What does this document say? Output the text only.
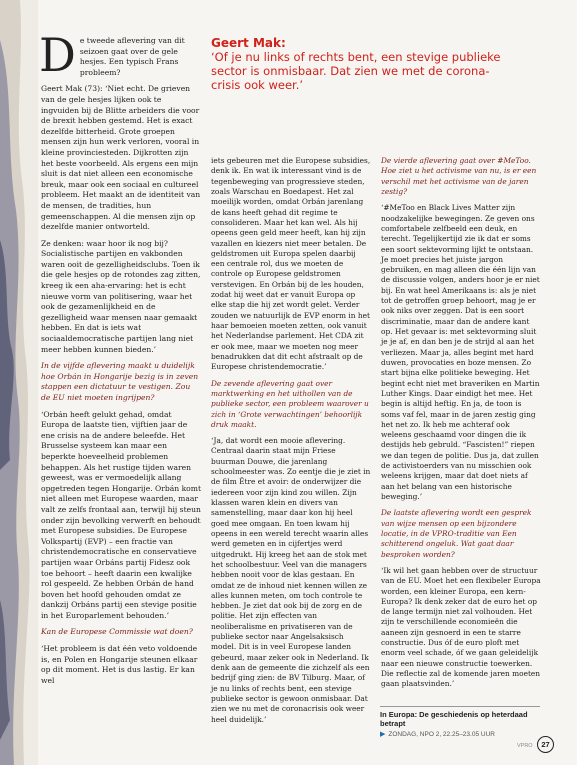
Geert Mak:
‘Of je nu links of rechts bent, een stevige publieke sector is onmisbaar. Dat zien we met de corona-crisis ook weer.’
D e tweede aflevering van dit seizoen gaat over de gele hesjes. Een typisch Frans probleem?

Geert Mak (73): ‘Niet echt. De grieven van de gele hesjes lijken ook te ingvuiden bij de Blitte arbeiders die voor de brexit hebben gestemd. Het is exact dezelfde bitterheid. Grote groepen mensen zijn hun werk verloren, vooral in kleine provinciesteden. Dijkrotten zijn het beste voorbeeld. Als ergens een mijn sluit is dat niet alleen een economische breuk, maar ook een sociaal en cultureel probleem. Het maakt an de identiteit van de mensen, de tradities, hun gemeenschappen. Al die mensen zijn op dezelfde manier ontworteld.

Ze denken: waar hoor ik nog bij? Socialistische partijen en vakbonden waren ooit de gezelligheidsclubs. Toen ik die gele hesjes op de rotondes zag zitten, kreeg ik een aha-ervaring: het is echt nieuwe vorm van politisering, waar het ook de gezamenlijkheid en de gezelligheid waar mensen naar gemaakt hebben. En dat is iets wat sociaaldemocratische partijen lang niet meer hebben kunnen bieden.’

In de vijfde aflevering maakt u duidelijk hoe Orbán in Hongarije bezig is in zeven stappen een dictatuur te vestigen. Zou de EU niet moeten ingrijpen?

‘Orbán heeft gelukt gehad, omdat Europa de laatste tien, vijftien jaar de ene crisis na de andere beleefde. Het Brusselse systeem kan maar een beperkte hoeveelheid problemen behappen. Als het rustige tijden waren geweest, was er vermoedelijk allang opgetreden tegen Hongarije. Orbán komt niet alleen met Europese waarden, maar valt ze zelfs frontaal aan, terwijl hij steun onder zijn bevolking verwerft en behoudt met Europese subsidies. De Europese Volkspartij (EVP) – een fractie van christendemocratische en conservatieve partijen waar Orbáns partij Fidesz ook toe behoort – heeft daarin een kwalijke rol gespeeld. Ze hebben Orbán de hand boven het hoofd gehouden omdat ze dankzij Orbáns partij een stevige positie in het Europarlement behouden.’

Kan de Europese Commissie wat doen?

‘Het probleem is dat één veto voldoende is, en Polen en Hongarije steunen elkaar op dit moment. Het is dus lastig. Er kan wel

iets gebeuren met die Europese subsidies, denk ik. En wat ik interessant vind is de tegenbeweging van progressieve steden, zoals Warschau en Boedapest. Het zal moeilijk worden, omdat Orbán jarenlang de kans heeft gehad dit regime te consolideren. Maar het kan wel. Als hij opeens geen geld meer heeft, kan hij zijn vazallen en kiezers niet meer betalen. De geldstromen uit Europa spelen daarbij een centrale rol, dus we moeten de controle op Europese geldstromen verstevigen. En Orbán bij de les houden, zodat hij weet dat er vanuit Europa op elke stap die hij zet wordt gelet. Verder zouden we natuurlijk de EVP enorm in het haar bemoeien moeten zetten, ook vanuit het Nederlandse parlement. Het CDA zit er ook mee, maar we moeten nog meer benadrukken dat dit echt afstraalt op de Europese christendemocratie.’

De zevende aflevering gaat over marktwerking en het uithollen van de publieke sector, een probleem waarover u zich in ‘Grote verwachtingen’ behoorlijk druk maakt.

‘Ja, dat wordt een mooie aflevering. Centraal daarin staat mijn Friese buurman Douwe, die jarenlang schoolmeester was. Zo eentje die je ziet in de film Être et avoir: de onderwijzer die iedereen voor zijn kind zou willen. Zijn klassen waren klein en divers van samenstelling, maar daar kon hij heel goed mee omgaan. En toen kwam hij opeens in een wereld terecht waarin alles werd gemeten en in cijfertjes werd uitgedrukt. Hij kreeg het aan de stok met het schoolbestuur. Veel van die managers hebben nooit voor de klas gestaan. En omdat ze de inhoud niet kennen willen ze alles kunnen meten, om toch controle te hebben. Je ziet dat ook bij de zorg en de politie. Het zijn effecten van neoliberalisme en privatiseren van de publieke sector naar Angelsaksisch model. Dit is in veel Europese landen gebeurd, maar zeker ook in Nederland. Ik denk aan de gemeente die zichzelf als een bedrijf ging zien: de BV Tilburg. Maar, of je nu links of rechts bent, een stevige publieke sector is gewoon onmisbaar. Dat zien we nu met de coronacrisis ook weer heel duidelijk.’

De vierde aflevering gaat over #MeToo. Hoe ziet u het activisme van nu, is er een verschil met het activisme van de jaren zestig?

‘#MeToo en Black Lives Matter zijn noodzakelijke bewegingen. Ze geven ons comfortabele zelfbeeld een deuk, en terecht. Tegelijkertijd zie ik dat er soms een soort sektevorming lijkt te ontstaan. Je moet precies het juiste jargon gebruiken, en mag alleen die één lijn van de discussie volgen, anders hoor je er niet bij. En wat heel Amerikaans is: als je niet tot de getroffen groep behoort, mag je er ook niks over zeggen. Dat is een soort discriminatie, maar dan de andere kant op. Het gevaar is: met sektevorming sluit je je af, en dan ben je de strijd al aan het verliezen. Maar ja, alles begint met hard duwen, provocaties en boze mensen. Zo start bijna elke politieke beweging. Het begint echt niet met braveriken en Martin Luther Kings. Daar eindigt het mee. Het begin is altijd heftig. En ja, de toon is soms vaf fel, maar in de jaren zestig ging het net zo. Ik heb me achteraf ook weleens geschaamd voor dingen die ik destijds heb gebruld. “Fascisten!” riepen we dan tegen de politie. Dus ja, dat zullen de activistoerders van nu misschien ook weleens krijgen, maar dat doet niets af aan het belang van een historische beweging.’

De laatste aflevering wordt een gesprek van wijze mensen op een bijzondere locatie, in de VPRO-traditie van Een schitterend ongeluk. Wat gaat daar besproken worden?

‘Ik wil het gaan hebben over de structuur van de EU. Moet het een flexibeler Europa worden, een kleiner Europa, een kern-Europa? Ik denk zeker dat de euro het op de lange termijn niet zal volhouden. Het zijn te verschillende economieën die aaneen zijn gesnoerd in een te starre constructie. Dus óf de euro ploft met enorm veel schade, óf we gaan geleidelijk naar een nieuwe constructie toewerken. Die reflectie zal de komende jaren moeten gaan plaatsvinden.’

In Europa: De geschiedenis op heterdaad betrapt
▶ ZONDAG, NPO 2, 22.25–23.05 UUR
VPRO	27
